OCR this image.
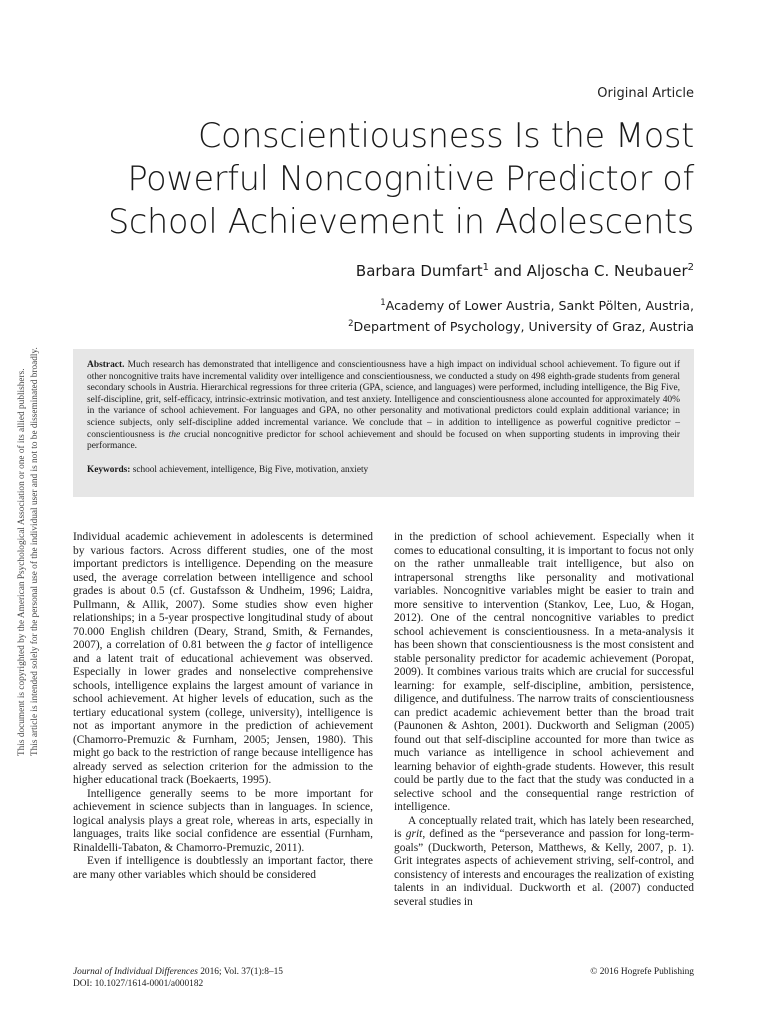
This document is copyrighted by the American Psychological Association or one of its allied publishers. This article is intended solely for the personal use of the individual user and is not to be disseminated broadly.
Original Article
Conscientiousness Is the Most
Powerful Noncognitive Predictor of
School Achievement in Adolescents
Barbara Dumfart$^1$ and Aljoscha C. Neubauer$^2$
$^1$Academy of Lower Austria, Sankt Pölten, Austria,
$^2$Department of Psychology, University of Graz, Austria

Abstract. Much research has demonstrated that intelligence and conscientiousness have a high impact on individual school achievement. To figure out if other noncognitive traits have incremental validity over intelligence and conscientiousness, we conducted a study on 498 eighth-grade students from general secondary schools in Austria. Hierarchical regressions for three criteria (GPA, science, and languages) were performed, including intelligence, the Big Five, self-discipline, grit, self-efficacy, intrinsic-extrinsic motivation, and test anxiety. Intelligence and conscientiousness alone accounted for approximately 40% in the variance of school achievement. For languages and GPA, no other personality and motivational predictors could explain additional variance; in science subjects, only self-discipline added incremental variance. We conclude that – in addition to intelligence as powerful cognitive predictor – conscientiousness is the crucial noncognitive predictor for school achievement and should be focused on when supporting students in improving their performance.

Keywords: school achievement, intelligence, Big Five, motivation, anxiety

Individual academic achievement in adolescents is determined by various factors. Across different studies, one of the most important predictors is intelligence. Depending on the measure used, the average correlation between intelligence and school grades is about 0.5 (cf. Gustafsson & Undheim, 1996; Laidra, Pullmann, & Allik, 2007). Some studies show even higher relationships; in a 5-year prospective longitudinal study of about 70.000 English children (Deary, Strand, Smith, & Fernandes, 2007), a correlation of 0.81 between the g factor of intelligence and a latent trait of educational achievement was observed. Especially in lower grades and nonselective comprehensive schools, intelligence explains the largest amount of variance in school achievement. At higher levels of education, such as the tertiary educational system (college, university), intelligence is not as important anymore in the prediction of achievement (Chamorro-Premuzic & Furnham, 2005; Jensen, 1980). This might go back to the restriction of range because intelligence has already served as selection criterion for the admission to the higher educational track (Boekaerts, 1995).

Intelligence generally seems to be more important for achievement in science subjects than in languages. In science, logical analysis plays a great role, whereas in arts, especially in languages, traits like social confidence are essential (Furnham, Rinaldelli-Tabaton, & Chamorro-Premuzic, 2011).

Even if intelligence is doubtlessly an important factor, there are many other variables which should be considered

in the prediction of school achievement. Especially when it comes to educational consulting, it is important to focus not only on the rather unmalleable trait intelligence, but also on intrapersonal strengths like personality and motivational variables. Noncognitive variables might be easier to train and more sensitive to intervention (Stankov, Lee, Luo, & Hogan, 2012). One of the central noncognitive variables to predict school achievement is conscientiousness. In a meta-analysis it has been shown that conscientiousness is the most consistent and stable personality predictor for academic achievement (Poropat, 2009). It combines various traits which are crucial for successful learning: for example, self-discipline, ambition, persistence, diligence, and dutifulness. The narrow traits of conscientiousness can predict academic achievement better than the broad trait (Paunonen & Ashton, 2001). Duckworth and Seligman (2005) found out that self-discipline accounted for more than twice as much variance as intelligence in school achievement and learning behavior of eighth-grade students. However, this result could be partly due to the fact that the study was conducted in a selective school and the consequential range restriction of intelligence.

A conceptually related trait, which has lately been researched, is grit, defined as the “perseverance and passion for long-term-goals” (Duckworth, Peterson, Matthews, & Kelly, 2007, p. 1). Grit integrates aspects of achievement striving, self-control, and consistency of interests and encourages the realization of existing talents in an individual. Duckworth et al. (2007) conducted several studies in

Journal of Individual Differences 2016; Vol. 37(1):8–15
DOI: 10.1027/1614-0001/a000182
© 2016 Hogrefe Publishing
